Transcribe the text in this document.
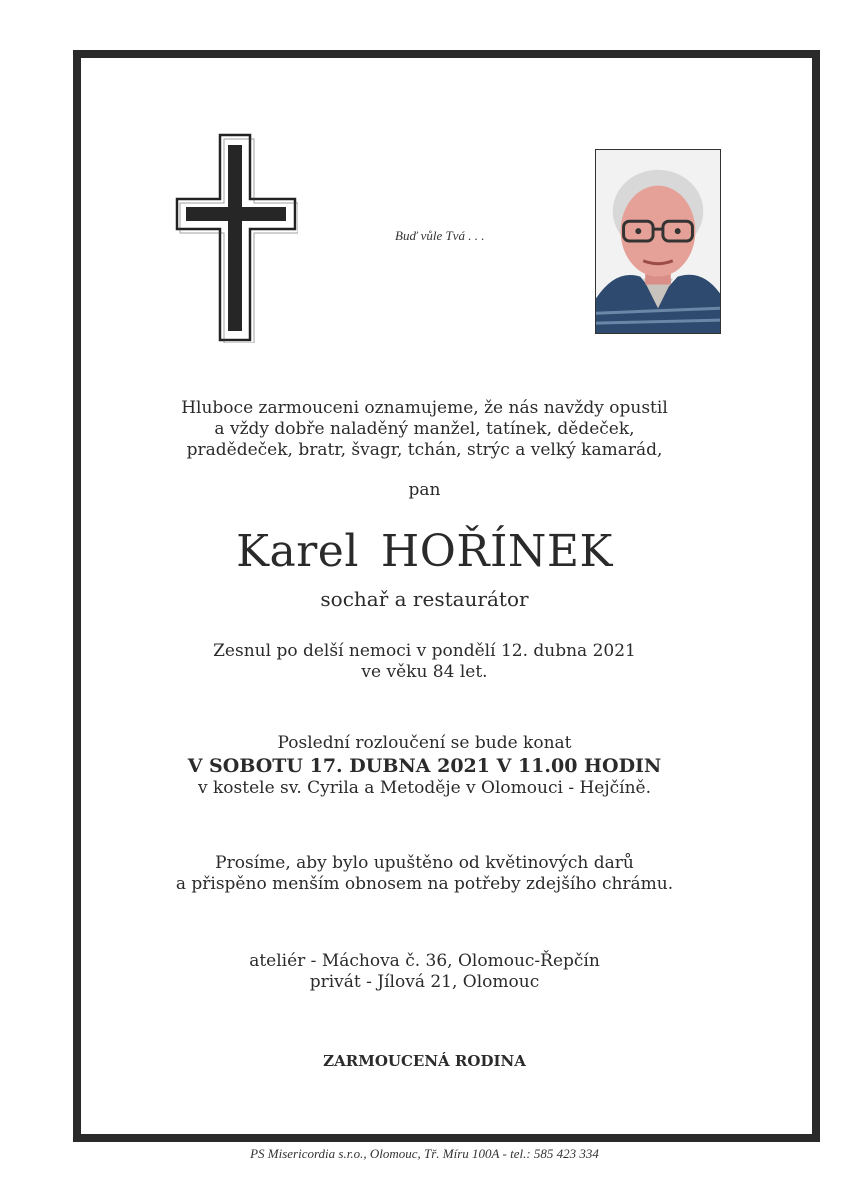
Buď vůle Tvá . . .
Hluboce zarmouceni oznamujeme, že nás navždy opustil
a vždy dobře naladěný manžel, tatínek, dědeček,
pradědeček, bratr, švagr, tchán, strýc a velký kamarád,
pan
Karel HOŘÍNEK
sochař a restaurátor
Zesnul po delší nemoci v pondělí 12. dubna 2021
ve věku 84 let.
Poslední rozloučení se bude konat
V SOBOTU 17. DUBNA 2021 V 11.00 HODIN
v kostele sv. Cyrila a Metoděje v Olomouci - Hejčíně.
Prosíme, aby bylo upuštěno od květinových darů
a přispěno menším obnosem na potřeby zdejšího chrámu.
ateliér - Máchova č. 36, Olomouc-Řepčín
privát - Jílová 21, Olomouc
ZARMOUCENÁ RODINA
PS Misericordia s.r.o., Olomouc, Tř. Míru 100A - tel.: 585 423 334
